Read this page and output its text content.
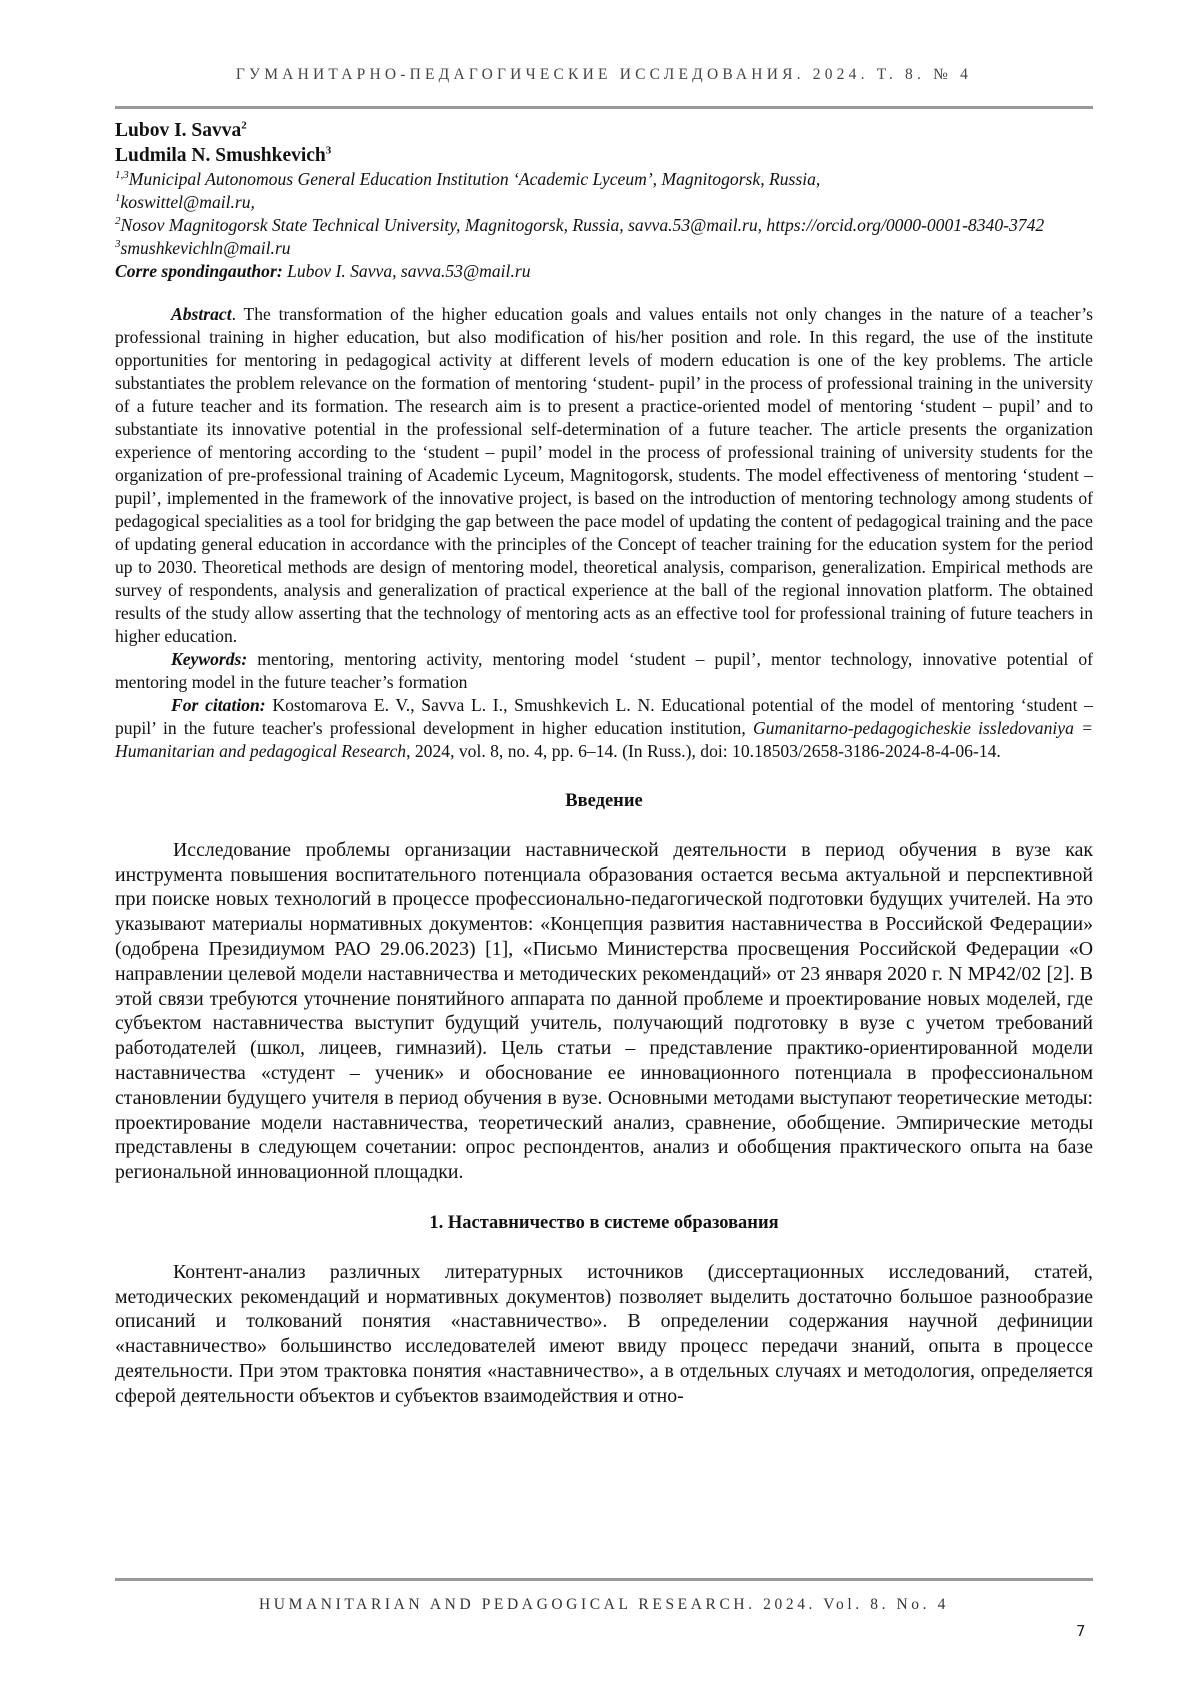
ГУМАНИТАРНО-ПЕДАГОГИЧЕСКИЕ ИССЛЕДОВАНИЯ. 2024. Т. 8. № 4

Lubov I. Savva$^2$

Ludmila N. Smushkevich$^3$

$^{1,3}$Municipal Autonomous General Education Institution ‘Academic Lyceum’, Magnitogorsk, Russia,

$^1$koswittel@mail.ru,

$^2$Nosov Magnitogorsk State Technical University, Magnitogorsk, Russia, savva.53@mail.ru, https://orcid.org/0000-0001-8340-3742

$^3$smushkevichln@mail.ru

Corre spondingauthor: Lubov I. Savva, savva.53@mail.ru

Abstract. The transformation of the higher education goals and values entails not only changes in the nature of a teacher’s professional training in higher education, but also modification of his/her position and role. In this regard, the use of the institute opportunities for mentoring in pedagogical activity at different levels of modern education is one of the key problems. The article substantiates the problem relevance on the formation of mentoring ‘student- pupil’ in the process of professional training in the university of a future teacher and its formation. The research aim is to present a practice-oriented model of mentoring ‘student – pupil’ and to substantiate its innovative potential in the professional self-determination of a future teacher. The article presents the organization experience of mentoring according to the ‘student – pupil’ model in the process of professional training of university students for the organization of pre-professional training of Academic Lyceum, Magnitogorsk, students. The model effectiveness of mentoring ‘student – pupil’, implemented in the framework of the innovative project, is based on the introduction of mentoring technology among students of pedagogical specialities as a tool for bridging the gap between the pace model of updating the content of pedagogical training and the pace of updating general education in accordance with the principles of the Concept of teacher training for the education system for the period up to 2030. Theoretical methods are design of mentoring model, theoretical analysis, comparison, generalization. Empirical methods are survey of respondents, analysis and generalization of practical experience at the ball of the regional innovation platform. The obtained results of the study allow asserting that the technology of mentoring acts as an effective tool for professional training of future teachers in higher education.

Keywords: mentoring, mentoring activity, mentoring model ‘student – pupil’, mentor technology, innovative potential of mentoring model in the future teacher’s formation

For citation: Kostomarova E. V., Savva L. I., Smushkevich L. N. Educational potential of the model of mentoring ‘student – pupil’ in the future teacher's professional development in higher education institution, Gumanitarno-pedagogicheskie issledovaniya = Humanitarian and pedagogical Research, 2024, vol. 8, no. 4, pp. 6–14. (In Russ.), doi: 10.18503/2658-3186-2024-8-4-06-14.

Введение

Исследование проблемы организации наставнической деятельности в период обучения в вузе как инструмента повышения воспитательного потенциала образования остается весьма актуальной и перспективной при поиске новых технологий в процессе профессионально-педагогической подготовки будущих учителей. На это указывают материалы нормативных документов: «Концепция развития наставничества в Российской Федерации» (одобрена Президиумом РАО 29.06.2023) [1], «Письмо Министерства просвещения Российской Федерации «О направлении целевой модели наставничества и методических рекомендаций» от 23 января 2020 г. N МР42/02 [2]. В этой связи требуются уточнение понятийного аппарата по данной проблеме и проектирование новых моделей, где субъектом наставничества выступит будущий учитель, получающий подготовку в вузе с учетом требований работодателей (школ, лицеев, гимназий). Цель статьи – представление практико-ориентированной модели наставничества «студент – ученик» и обоснование ее инновационного потенциала в профессиональном становлении будущего учителя в период обучения в вузе. Основными методами выступают теоретические методы: проектирование модели наставничества, теоретический анализ, сравнение, обобщение. Эмпирические методы представлены в следующем сочетании: опрос респондентов, анализ и обобщения практического опыта на базе региональной инновационной площадки.

1. Наставничество в системе образования

Контент-анализ различных литературных источников (диссертационных исследований, статей, методических рекомендаций и нормативных документов) позволяет выделить достаточно большое разнообразие описаний и толкований понятия «наставничество». В определении содержания научной дефиниции «наставничество» большинство исследователей имеют ввиду процесс передачи знаний, опыта в процессе деятельности. При этом трактовка понятия «наставничество», а в отдельных случаях и методология, определяется сферой деятельности объектов и субъектов взаимодействия и отно-

HUMANITARIAN AND PEDAGOGICAL RESEARCH. 2024. Vol. 8. No. 4
7
